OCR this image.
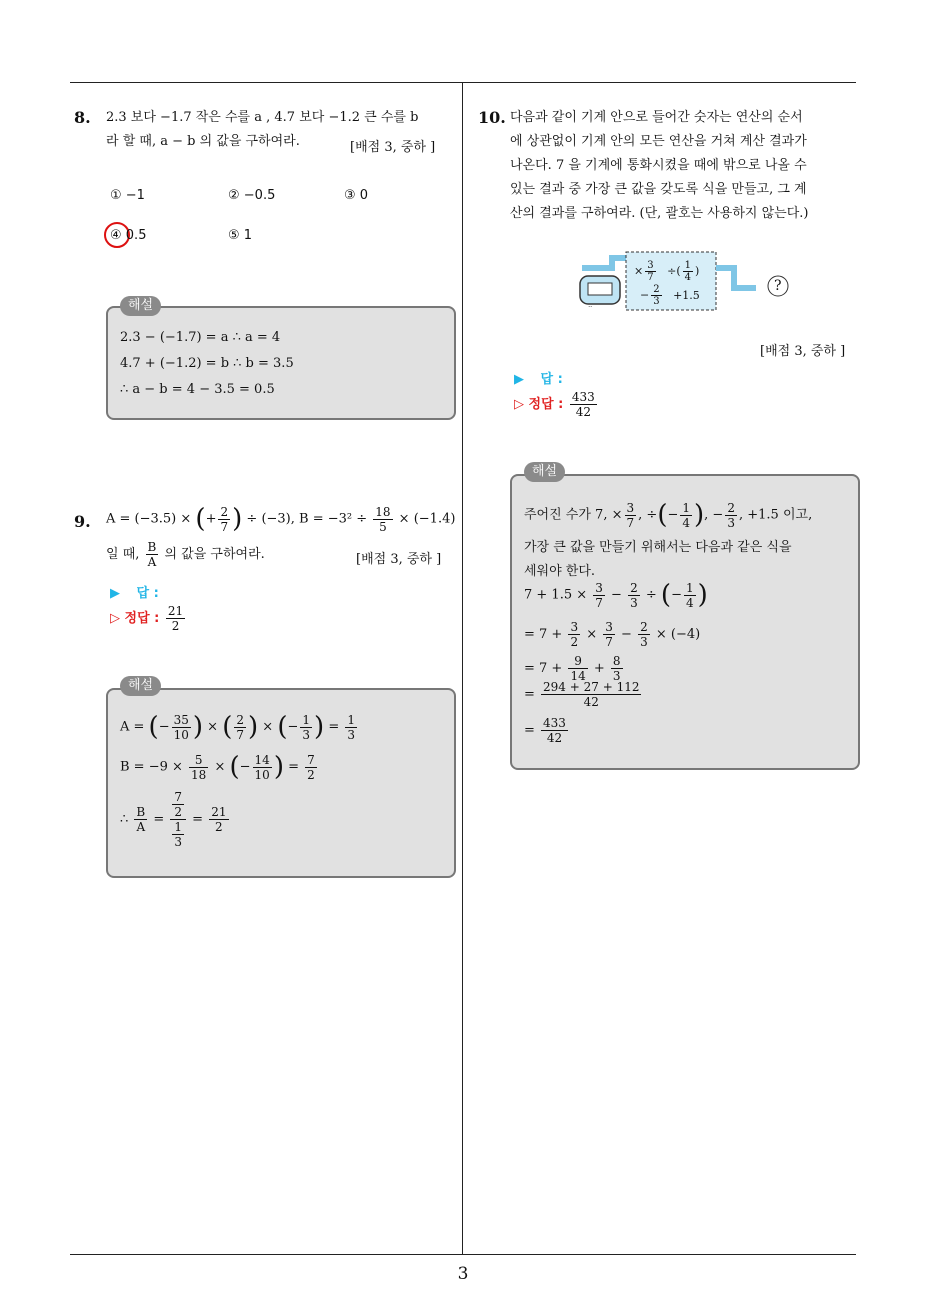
3
8. 2.3 보다 −1.7 작은 수를 a , 4.7 보다 −1.2 큰 수를 b
라 할 때, a − b 의 값을 구하여라.	[배점 3, 중하 ]
① −1	② −0.5	③ 0
④ 0.5	⑤ 1
2.3 − (−1.7) = a ∴ a = 4
4.7 + (−1.2) = b ∴ b = 3.5
∴ a − b = 4 − 3.5 = 0.5
해설
9. A = (−3.5) × (+ $\frac{2}{7}$ ) ÷ (−3), $B = -3^2 \div \frac{18}{5} \times (-1.4)$
일 때, $\frac{B}{A}$ 의 값을 구하여라.	[배점 3, 중하 ]
▶ 답 :
▷ 정답 : $\frac{21}{2}$
A = (− $\frac{35}{10}$ ) × ( $\frac{2}{7}$ ) × (− $\frac{1}{3}$ ) = $\frac{1}{3}$
$B = -9 \times \frac{5}{18}$ × (− $\frac{14}{10}$ ) = $\frac{7}{2}$
∴ $\frac{B}{A} = \frac{\frac{7}{2}}{\frac{1}{3}} = \frac{21}{2}$
해설
10. 다음과 같이 기계 안으로 들어간 숫자는 연산의 순서
에 상관없이 기계 안의 모든 연산을 거쳐 계산 결과가
나온다. 7 을 기계에 통화시켰을 때에 밖으로 나올 수
있는 결과 중 가장 큰 값을 갖도록 식을 만들고, 그 계
산의 결과를 구하여라. (단, 괄호는 사용하지 않는다.)
ᐝᐝ
× $\frac{3}{7}$ ÷( $\frac{1}{4}$ )
− $\frac{2}{3} +1.5$
?
[배점 3, 중하 ]
▶ 답 :
▷ 정답 : $\frac{433}{42}$
주어진 수가 7, × $\frac{3}{7}$ , ÷(− $\frac{1}{4}$ ), − $\frac{2}{3}$ , +1.5 이고,
가장 큰 값을 만들기 위해서는 다음과 같은 식을
세워야 한다.
$7 + 1.5 \times \frac{3}{7} - \frac{2}{3}$ ÷ (− $\frac{1}{4}$ )
= $7 + \frac{3}{2} \times \frac{3}{7} - \frac{2}{3} \times (-4)$
= $7 + \frac{9}{14} + \frac{8}{3}$
= $\frac{294 + 27 + 112}{42}$
= $\frac{433}{42}$
해설
